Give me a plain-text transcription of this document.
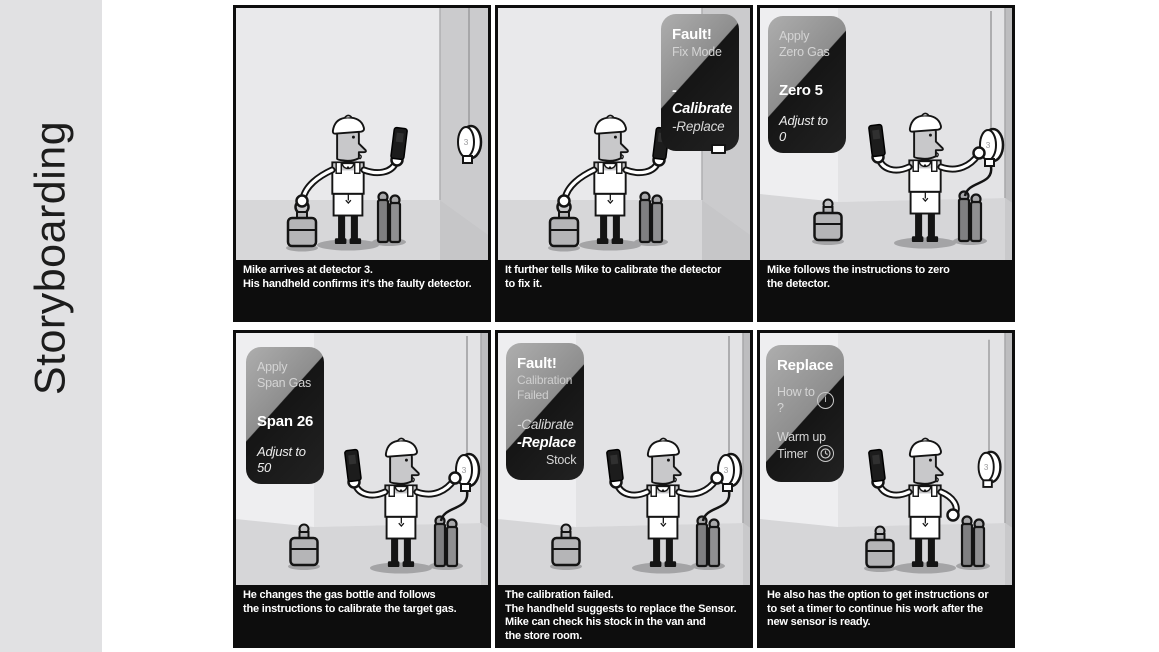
Storyboarding	Mike arrives at detector 3.
His handheld confirms it's the faulty detector.
Fault!
Fix Mode
-Calibrate
-Replace
It further tells Mike to calibrate the detector
to fix it.
Apply
Zero Gas
Zero 5
Adjust to 0
Mike follows the instructions to zero
the detector.
Apply
Span Gas
Span 26
Adjust to 50
He changes the gas bottle and follows
the instructions to calibrate the target gas.
Fault!
Calibration
Failed
-Calibrate
-Replace
Stock
The calibration failed.
The handheld suggests to replace the Sensor.
Mike can check his stock in the van and
the store room.
Replace
How to ?
i
Warm up
Timer
He also has the option to get instructions or
to set a timer to continue his work after the
new sensor is ready.
